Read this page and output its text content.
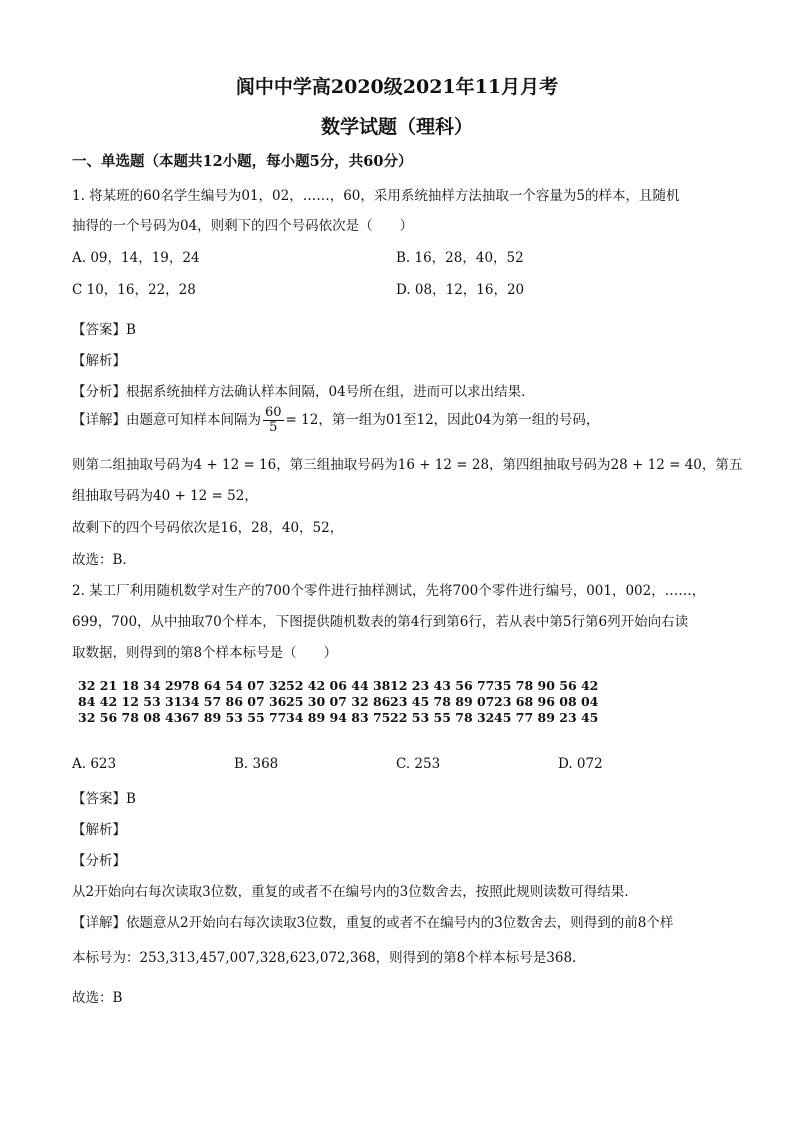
阆中中学高2020级2021年11月月考
数学试题（理科）
一、单选题（本题共12小题，每小题5分，共60分）
1. 将某班的60名学生编号为01，02，……，60，采用系统抽样方法抽取一个容量为5的样本，且随机
抽得的一个号码为04，则剩下的四个号码依次是（　　）
A. 09，14，19，24	B. 16，28，40，52
C 10，16，22，28	D. 08，12，16，20
【答案】B
【解析】
【分析】根据系统抽样方法确认样本间隔，04号所在组，进而可以求出结果.
【详解】由题意可知样本间隔为 $\frac{60}{5} = 12$，第一组为01至12，因此04为第一组的号码，
则第二组抽取号码为4 + 12 = 16，第三组抽取号码为16 + 12 = 28，第四组抽取号码为28 + 12 = 40，第五
组抽取号码为40 + 12 = 52，
故剩下的四个号码依次是16，28，40，52，
故选：B.
2. 某工厂利用随机数学对生产的700个零件进行抽样测试，先将700个零件进行编号，001，002，……，
699，700，从中抽取70个样本，下图提供随机数表的第4行到第6行，若从表中第5行第6列开始向右读
取数据，则得到的第8个样本标号是（　　）
32 21 18 34 2978 64 54 07 3252 42 06 44 3812 23 43 56 7735 78 90 56 42
84 42 12 53 3134 57 86 07 3625 30 07 32 8623 45 78 89 0723 68 96 08 04
32 56 78 08 4367 89 53 55 7734 89 94 83 7522 53 55 78 3245 77 89 23 45
A. 623	B. 368	C. 253	D. 072
【答案】B
【解析】
【分析】
从2开始向右每次读取3位数，重复的或者不在编号内的3位数舍去，按照此规则读数可得结果.
【详解】依题意从2开始向右每次读取3位数，重复的或者不在编号内的3位数舍去，则得到的前8个样
本标号为：253,313,457,007,328,623,072,368，则得到的第8个样本标号是368.
故选：B
